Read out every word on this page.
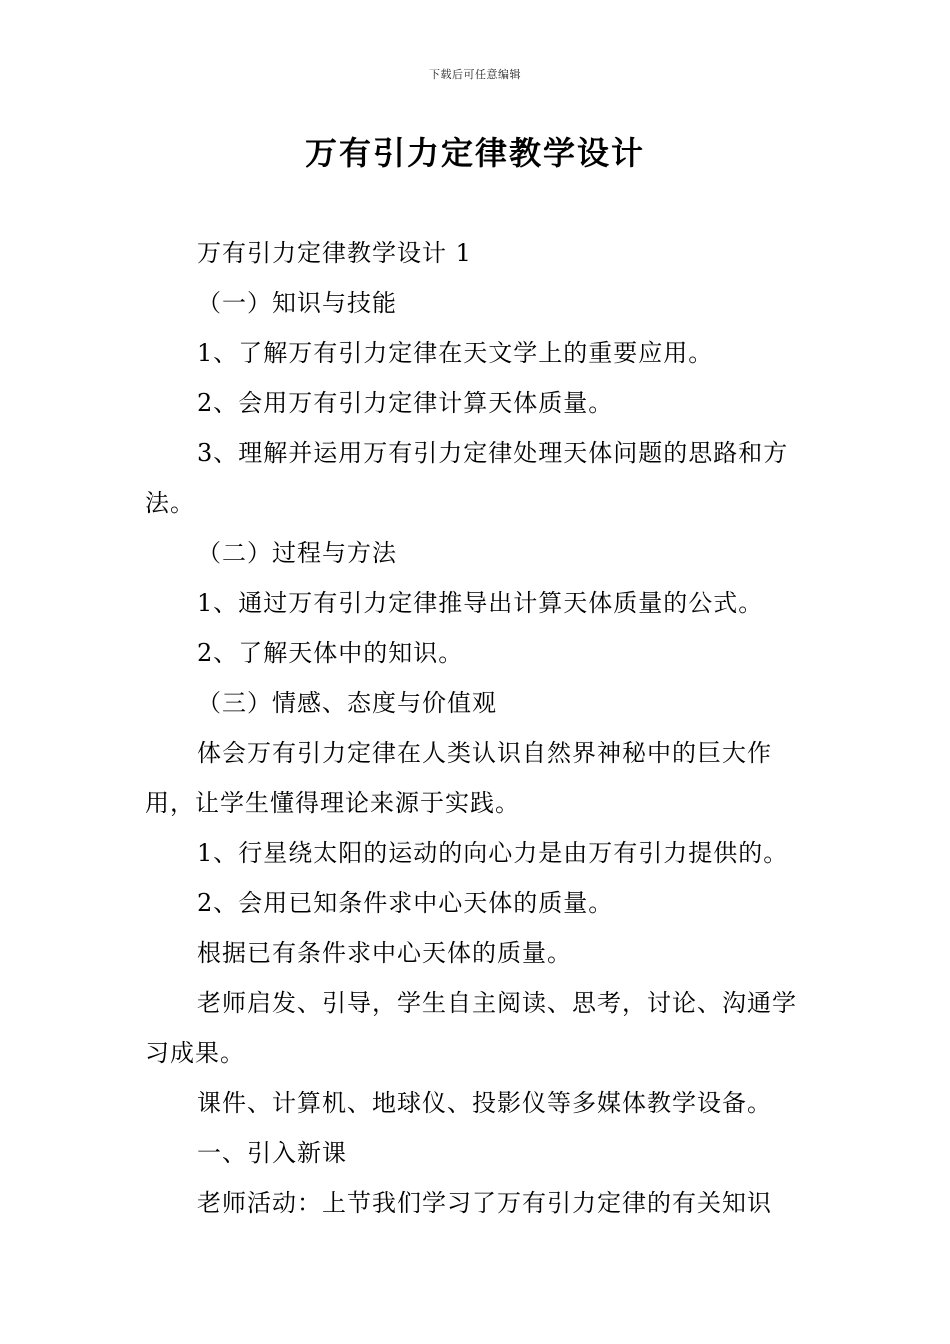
下载后可任意编辑
万有引力定律教学设计

万有引力定律教学设计 1

（一）知识与技能

1、了解万有引力定律在天文学上的重要应用。

2、会用万有引力定律计算天体质量。

3、理解并运用万有引力定律处理天体问题的思路和方法。

（二）过程与方法

1、通过万有引力定律推导出计算天体质量的公式。

2、了解天体中的知识。

（三）情感、态度与价值观

体会万有引力定律在人类认识自然界神秘中的巨大作用，让学生懂得理论来源于实践。

1、行星绕太阳的运动的向心力是由万有引力提供的。

2、会用已知条件求中心天体的质量。

根据已有条件求中心天体的质量。

老师启发、引导，学生自主阅读、思考，讨论、沟通学习成果。

课件、计算机、地球仪、投影仪等多媒体教学设备。

一、引入新课

老师活动：上节我们学习了万有引力定律的有关知识
